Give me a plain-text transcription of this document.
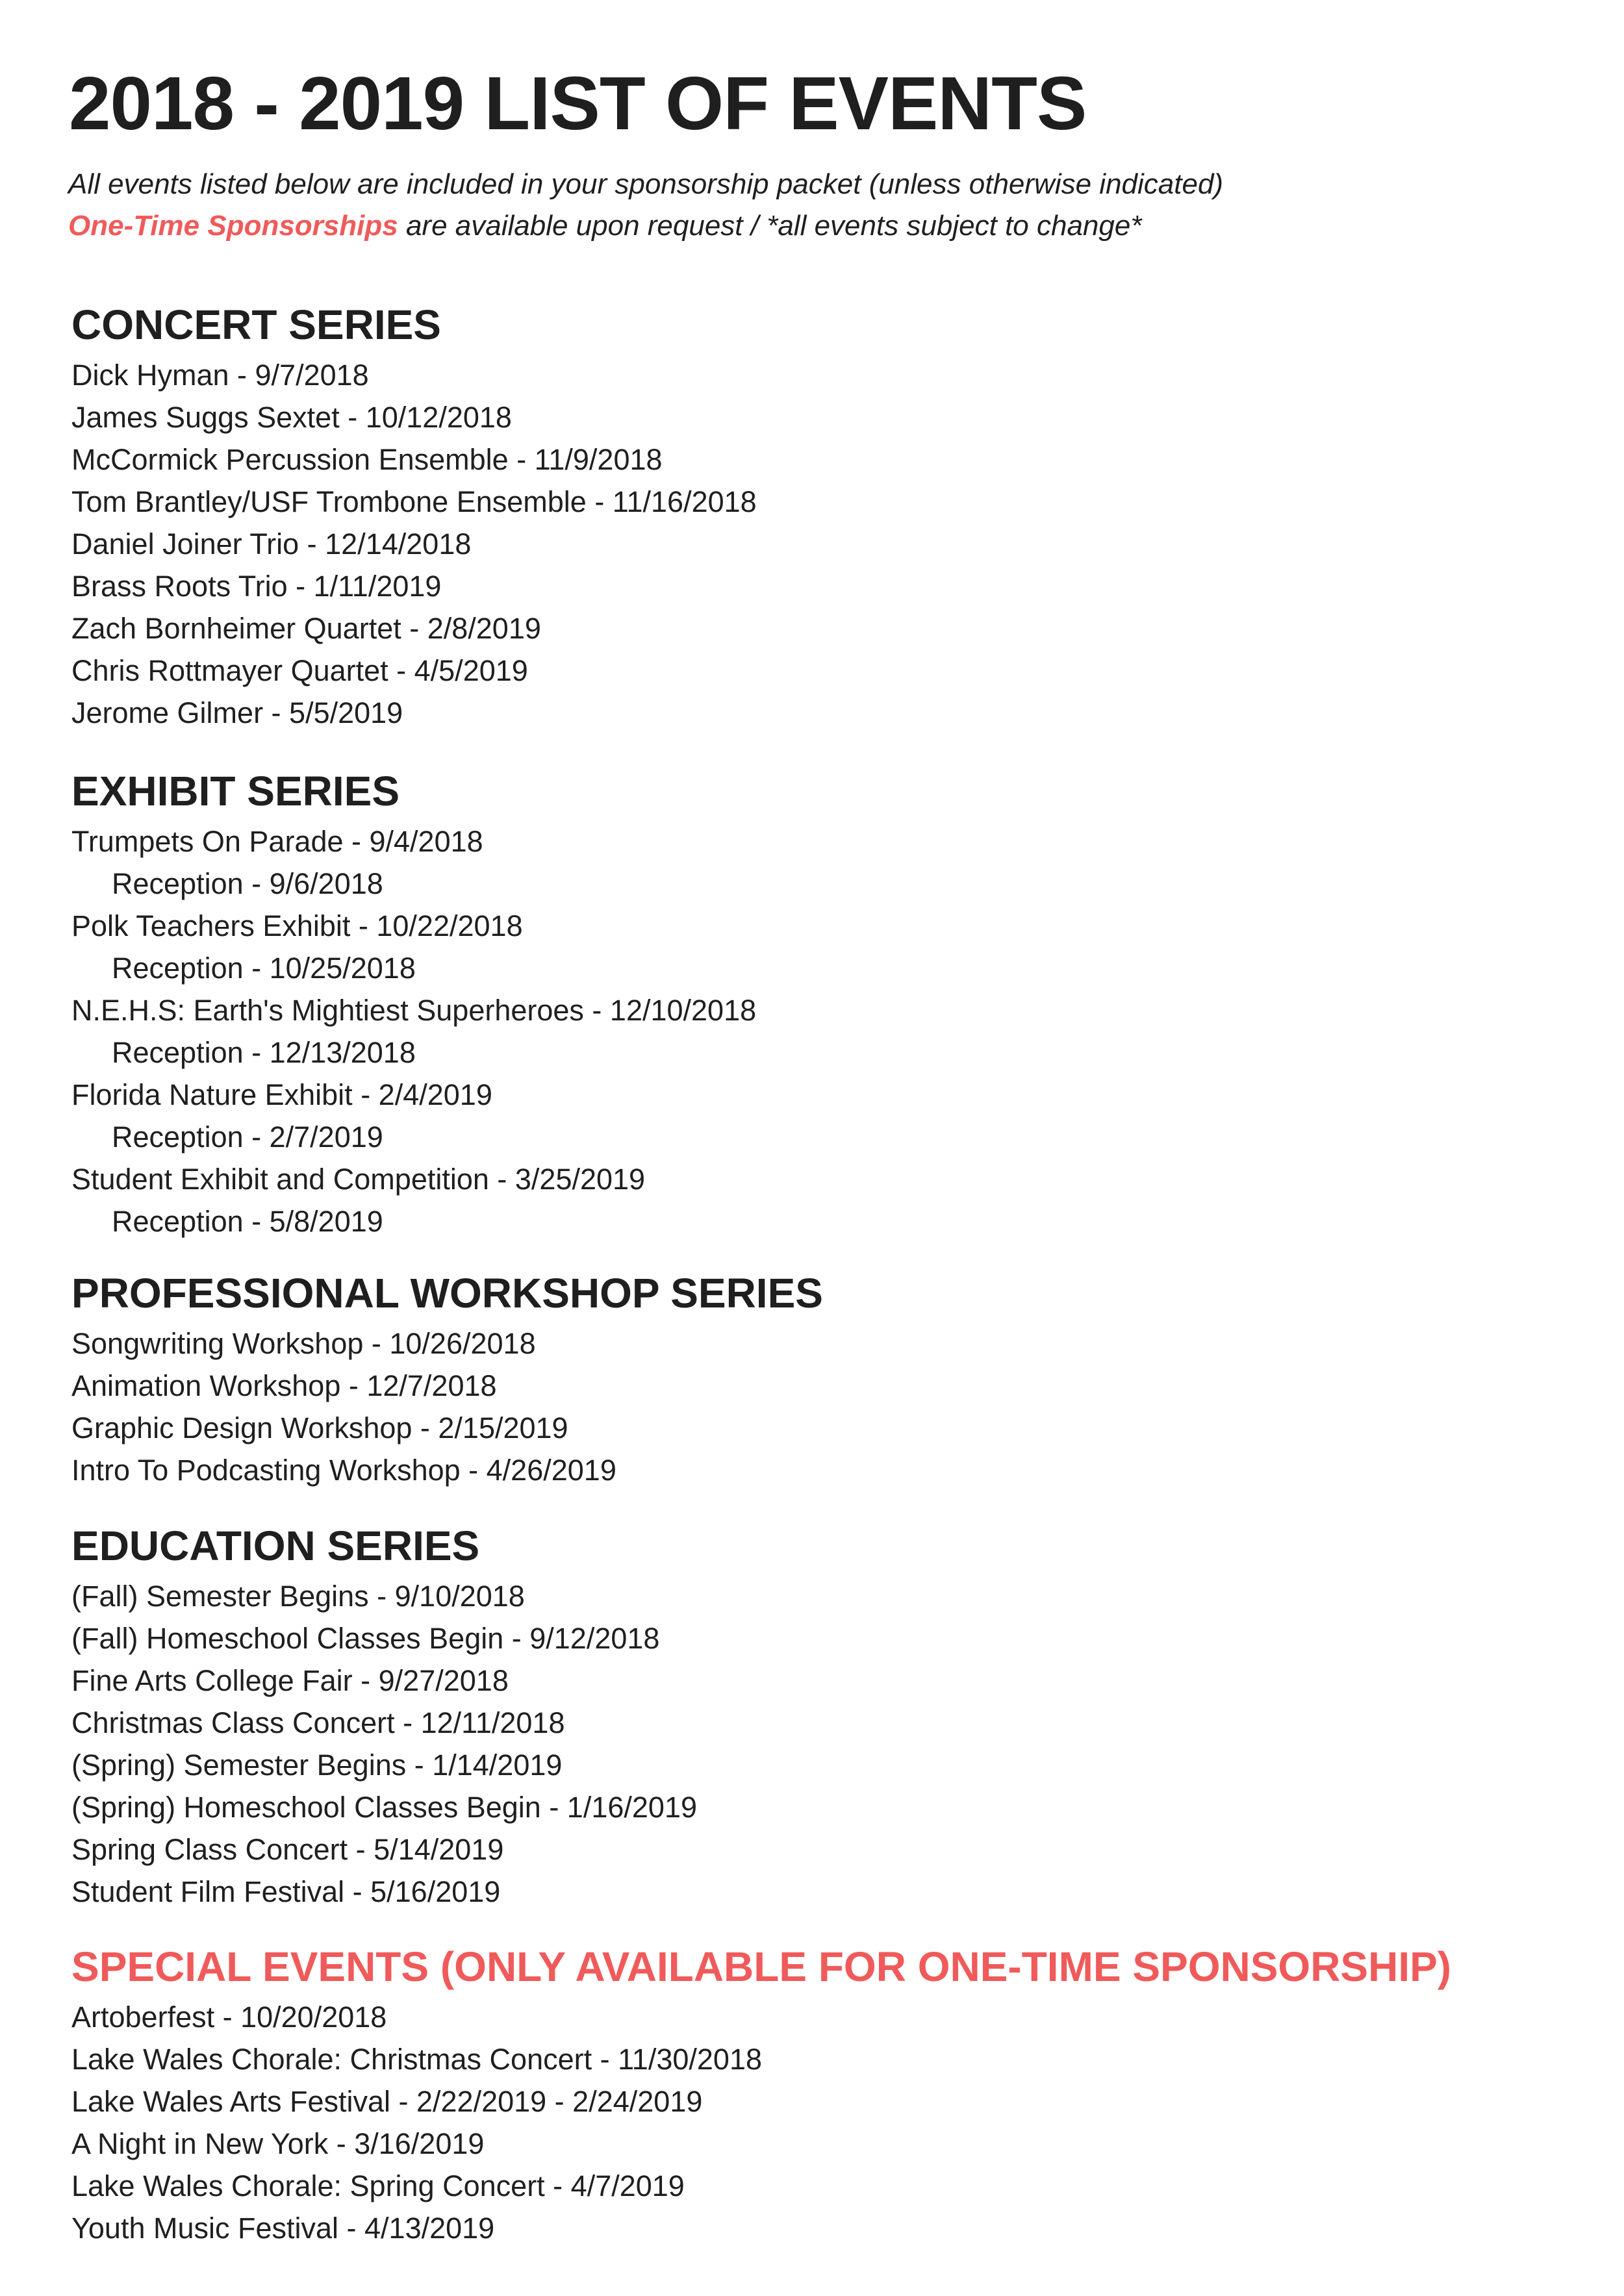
2018 - 2019 LIST OF EVENTS
All events listed below are included in your sponsorship packet (unless otherwise indicated)
One-Time Sponsorships are available upon request / *all events subject to change*
CONCERT SERIES
Dick Hyman - 9/7/2018
James Suggs Sextet - 10/12/2018
McCormick Percussion Ensemble - 11/9/2018
Tom Brantley/USF Trombone Ensemble - 11/16/2018
Daniel Joiner Trio - 12/14/2018
Brass Roots Trio - 1/11/2019
Zach Bornheimer Quartet - 2/8/2019
Chris Rottmayer Quartet - 4/5/2019
Jerome Gilmer - 5/5/2019
EXHIBIT SERIES
Trumpets On Parade - 9/4/2018
Reception - 9/6/2018
Polk Teachers Exhibit - 10/22/2018
Reception - 10/25/2018
N.E.H.S: Earth's Mightiest Superheroes - 12/10/2018
Reception - 12/13/2018
Florida Nature Exhibit - 2/4/2019
Reception - 2/7/2019
Student Exhibit and Competition - 3/25/2019
Reception - 5/8/2019
PROFESSIONAL WORKSHOP SERIES
Songwriting Workshop - 10/26/2018
Animation Workshop - 12/7/2018
Graphic Design Workshop - 2/15/2019
Intro To Podcasting Workshop - 4/26/2019
EDUCATION SERIES
(Fall) Semester Begins - 9/10/2018
(Fall) Homeschool Classes Begin - 9/12/2018
Fine Arts College Fair - 9/27/2018
Christmas Class Concert - 12/11/2018
(Spring) Semester Begins - 1/14/2019
(Spring) Homeschool Classes Begin - 1/16/2019
Spring Class Concert - 5/14/2019
Student Film Festival - 5/16/2019
SPECIAL EVENTS (ONLY AVAILABLE FOR ONE-TIME SPONSORSHIP)
Artoberfest - 10/20/2018
Lake Wales Chorale: Christmas Concert - 11/30/2018
Lake Wales Arts Festival - 2/22/2019 - 2/24/2019
A Night in New York - 3/16/2019
Lake Wales Chorale: Spring Concert - 4/7/2019
Youth Music Festival - 4/13/2019
